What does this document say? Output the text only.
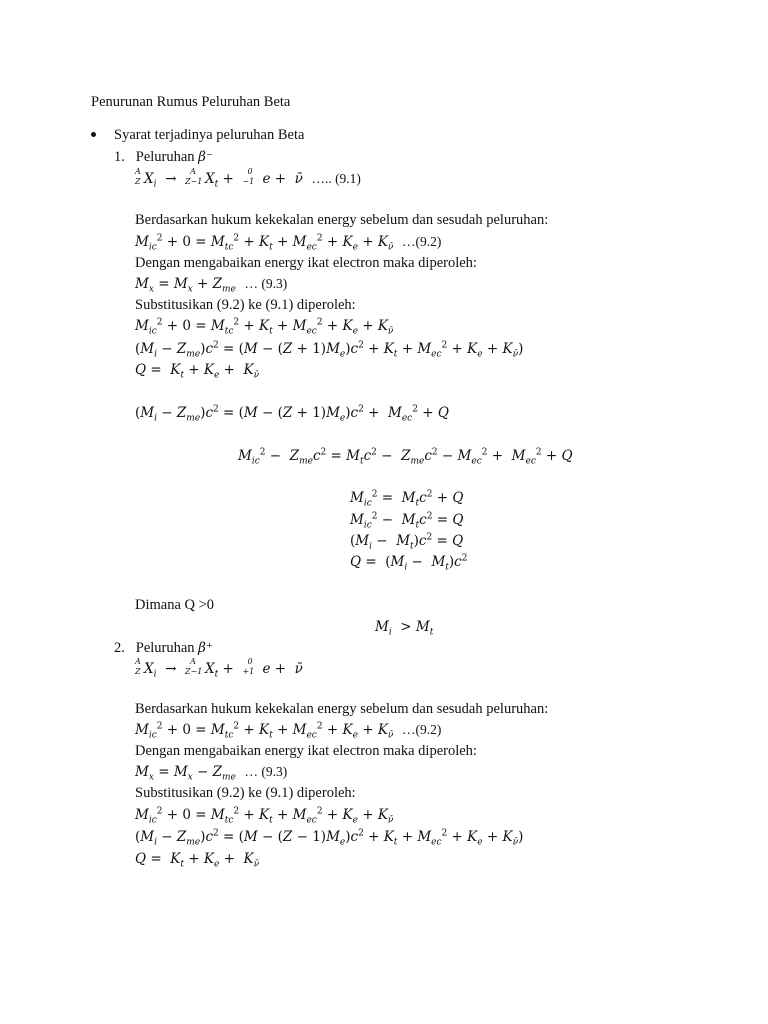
Penurunan Rumus Peluruhan Beta
Syarat terjadinya peluruhan Beta
1. Peluruhan β⁻
A
Z $X_i \to A$
Z−1 $X_t + 0$
−1 e +  ν̄ ….. (9.1)
Berdasarkan hukum kekekalan energy sebelum dan sesudah peluruhan:
$M_{ic}^2 + 0 = M_{tc}^2 + K_t + M_{ec}^2 + K_e + K_{\nū}$ …(9.2)
Dengan mengabaikan energy ikat electron maka diperoleh:
$M_x = M_x + Z_{me}$ … (9.3)
Substitusikan (9.2) ke (9.1) diperoleh:
$M_{ic}^2 + 0 = M_{tc}^2 + K_t + M_{ec}^2 + K_e + K_{\nū}$
$(M_i - Z_{me})c^2 = (M - (Z + 1)M_e)c^2 + K_t + M_{ec}^2 + K_e + K_{\nū}$)
$Q = K_t + K_e + K_{\nū}$
$(M_i - Z_{me})c^2 = (M - (Z + 1)M_e)c^2 + M_{ec}^2 + Q$
$M_{ic}^2 - Z_{me}c^2 = M_tc^2 - Z_{me}c^2 - M_{ec}^2 + M_{ec}^2 + Q$
$M_{ic}^2 = M_tc^2 + Q$
$M_{ic}^2 - M_tc^2 = Q$
$(M_i - M_t)c^2 = Q$
$Q = (M_i - M_t)c^2$
Dimana Q >0
$M_i > M_t$
2. Peluruhan β⁺
A
Z $X_i \to A$
Z−1 $X_t + 0$
+1 e +  ν̄
Berdasarkan hukum kekekalan energy sebelum dan sesudah peluruhan:
$M_{ic}^2 + 0 = M_{tc}^2 + K_t + M_{ec}^2 + K_e + K_{\nū}$ …(9.2)
Dengan mengabaikan energy ikat electron maka diperoleh:
$M_x = M_x - Z_{me}$ … (9.3)
Substitusikan (9.2) ke (9.1) diperoleh:
$M_{ic}^2 + 0 = M_{tc}^2 + K_t + M_{ec}^2 + K_e + K_{\nū}$
$(M_i - Z_{me})c^2 = (M - (Z - 1)M_e)c^2 + K_t + M_{ec}^2 + K_e + K_{\nū}$)
$Q = K_t + K_e + K_{\nū}$
